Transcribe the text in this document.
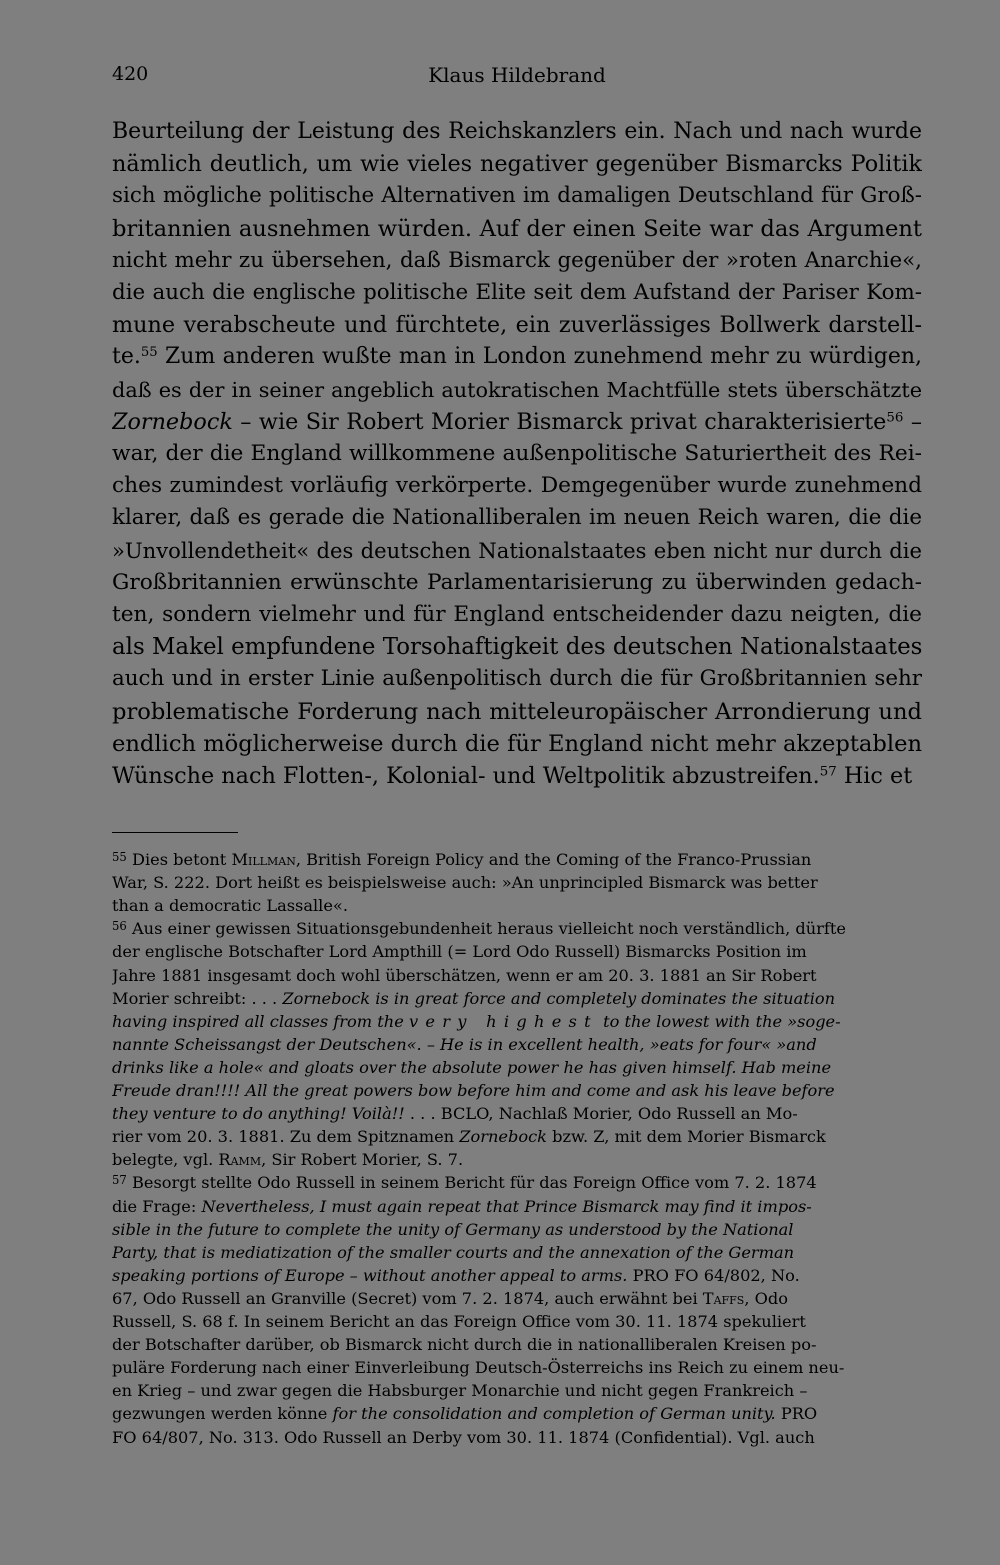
420	Klaus Hildebrand
Beurteilung der Leistung des Reichskanzlers ein. Nach und nach wurde
nämlich deutlich, um wie vieles negativer gegenüber Bismarcks Politik
sich mögliche politische Alternativen im damaligen Deutschland für Groß-
britannien ausnehmen würden. Auf der einen Seite war das Argument
nicht mehr zu übersehen, daß Bismarck gegenüber der »roten Anarchie«,
die auch die englische politische Elite seit dem Aufstand der Pariser Kom-
mune verabscheute und fürchtete, ein zuverlässiges Bollwerk darstell-
te.$^{55}$ Zum anderen wußte man in London zunehmend mehr zu würdigen,
daß es der in seiner angeblich autokratischen Machtfülle stets überschätzte
Zornebock – wie Sir Robert Morier Bismarck privat charakterisierte$^{56}$ –
war, der die England willkommene außenpolitische Saturiertheit des Rei-
ches zumindest vorläufig verkörperte. Demgegenüber wurde zunehmend
klarer, daß es gerade die Nationalliberalen im neuen Reich waren, die die
»Unvollendetheit« des deutschen Nationalstaates eben nicht nur durch die
Großbritannien erwünschte Parlamentarisierung zu überwinden gedach-
ten, sondern vielmehr und für England entscheidender dazu neigten, die
als Makel empfundene Torsohaftigkeit des deutschen Nationalstaates
auch und in erster Linie außenpolitisch durch die für Großbritannien sehr
problematische Forderung nach mitteleuropäischer Arrondierung und
endlich möglicherweise durch die für England nicht mehr akzeptablen
Wünsche nach Flotten-, Kolonial- und Weltpolitik abzustreifen.$^{57}$ Hic et
$^{55}$ Dies betont Millman, British Foreign Policy and the Coming of the Franco-Prussian
War, S. 222. Dort heißt es beispielsweise auch: »An unprincipled Bismarck was better
than a democratic Lassalle«.
$^{56}$ Aus einer gewissen Situationsgebundenheit heraus vielleicht noch verständlich, dürfte
der englische Botschafter Lord Ampthill (= Lord Odo Russell) Bismarcks Position im
Jahre 1881 insgesamt doch wohl überschätzen, wenn er am 20. 3. 1881 an Sir Robert
Morier schreibt: . . . Zornebock is in great force and completely dominates the situation
having inspired all classes from the very highest to the lowest with the »soge-
nannte Scheissangst der Deutschen«. – He is in excellent health, »eats for four« »and
drinks like a hole« and gloats over the absolute power he has given himself. Hab meine
Freude dran!!!! All the great powers bow before him and come and ask his leave before
they venture to do anything! Voilà!! . . . BCLO, Nachlaß Morier, Odo Russell an Mo-
rier vom 20. 3. 1881. Zu dem Spitznamen Zornebock bzw. Z, mit dem Morier Bismarck
belegte, vgl. Ramm, Sir Robert Morier, S. 7.
$^{57}$ Besorgt stellte Odo Russell in seinem Bericht für das Foreign Office vom 7. 2. 1874
die Frage: Nevertheless, I must again repeat that Prince Bismarck may find it impos-
sible in the future to complete the unity of Germany as understood by the National
Party, that is mediatization of the smaller courts and the annexation of the German
speaking portions of Europe – without another appeal to arms. PRO FO 64/802, No.
67, Odo Russell an Granville (Secret) vom 7. 2. 1874, auch erwähnt bei Taffs, Odo
Russell, S. 68 f. In seinem Bericht an das Foreign Office vom 30. 11. 1874 spekuliert
der Botschafter darüber, ob Bismarck nicht durch die in nationalliberalen Kreisen po-
puläre Forderung nach einer Einverleibung Deutsch-Österreichs ins Reich zu einem neu-
en Krieg – und zwar gegen die Habsburger Monarchie und nicht gegen Frankreich –
gezwungen werden könne for the consolidation and completion of German unity. PRO
FO 64/807, No. 313. Odo Russell an Derby vom 30. 11. 1874 (Confidential). Vgl. auch
